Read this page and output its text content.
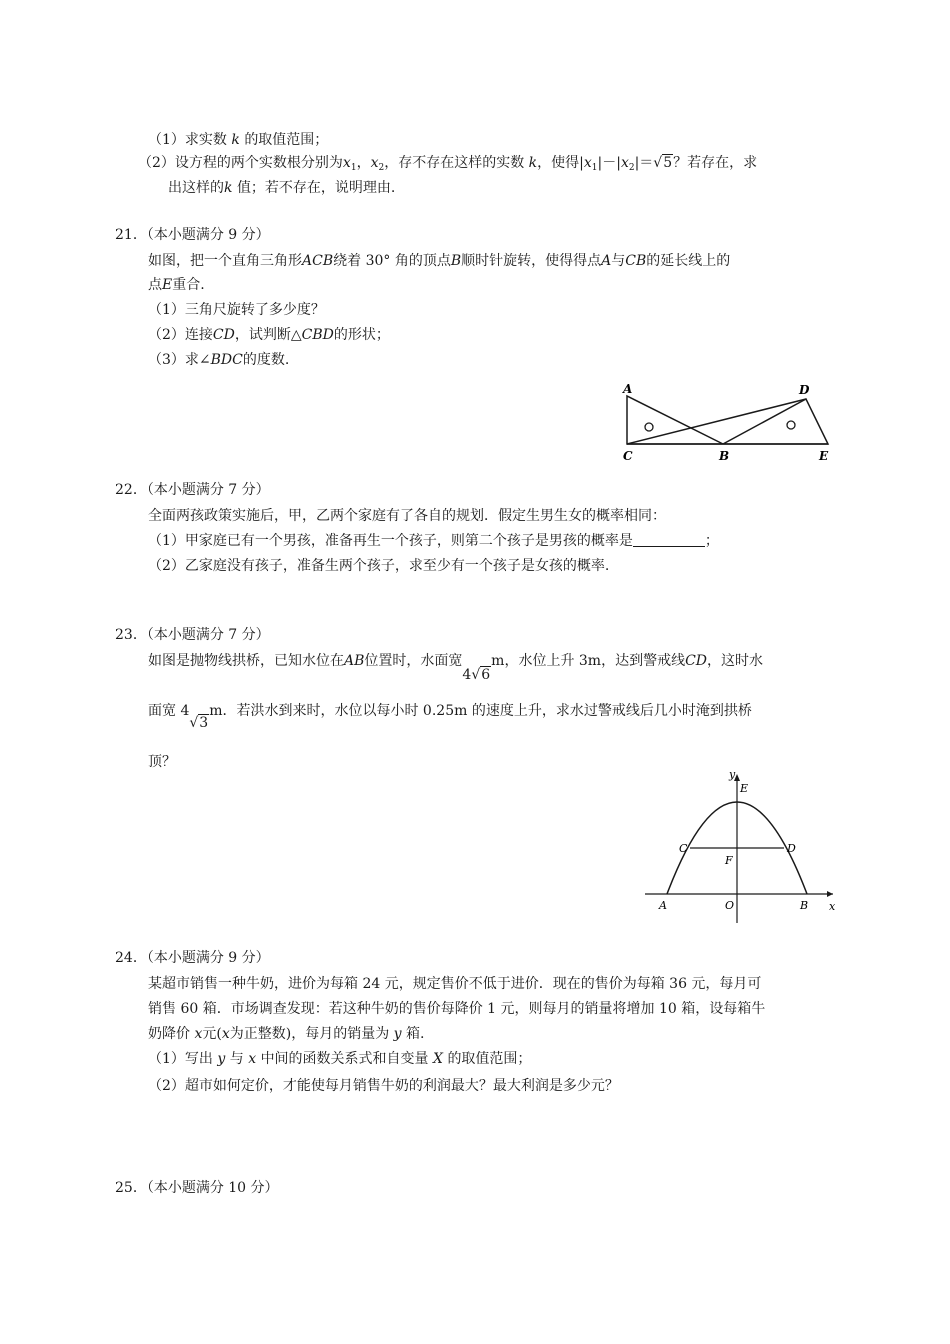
（1）求实数 k 的取值范围；
（2）设方程的两个实数根分别为$x_1$，$x_2$，存不存在这样的实数 k，使得$|x_1|-|x_2|=√5$？若存在，求
出这样的k 值；若不存在，说明理由.
21．（本小题满分 9 分）
如图，把一个直角三角形ACB绕着 30° 角的顶点B顺时针旋转，使得得点A与CB的延长线上的
点E重合.
（1）三角尺旋转了多少度？
（2）连接CD，试判断△CBD的形状；
（3）求∠BDC的度数.
A	D
C	B	E
22．（本小题满分 7 分）
全面两孩政策实施后，甲，乙两个家庭有了各自的规划．假定生男生女的概率相同：
（1）甲家庭已有一个男孩，准备再生一个孩子，则第二个孩子是男孩的概率是	；
（2）乙家庭没有孩子，准备生两个孩子，求至少有一个孩子是女孩的概率.
23．（本小题满分 7 分）
如图是抛物线拱桥，已知水位在AB位置时，水面宽4√6m，水位上升 3m，达到警戒线CD，这时水
面宽 4√3m．若洪水到来时，水位以每小时 0.25m 的速度上升，求水过警戒线后几小时淹到拱桥
顶？
y
E
C	D
F
A	O	B x
24．（本小题满分 9 分）
某超市销售一种牛奶，进价为每箱 24 元，规定售价不低于进价．现在的售价为每箱 36 元，每月可
销售 60 箱．市场调查发现：若这种牛奶的售价每降价 1 元，则每月的销量将增加 10 箱，设每箱牛
奶降价 x元(x为正整数)，每月的销量为 y 箱.
（1）写出 y 与 x 中间的函数关系式和自变量 X 的取值范围；
（2）超市如何定价，才能使每月销售牛奶的利润最大？最大利润是多少元？
25．（本小题满分 10 分）
